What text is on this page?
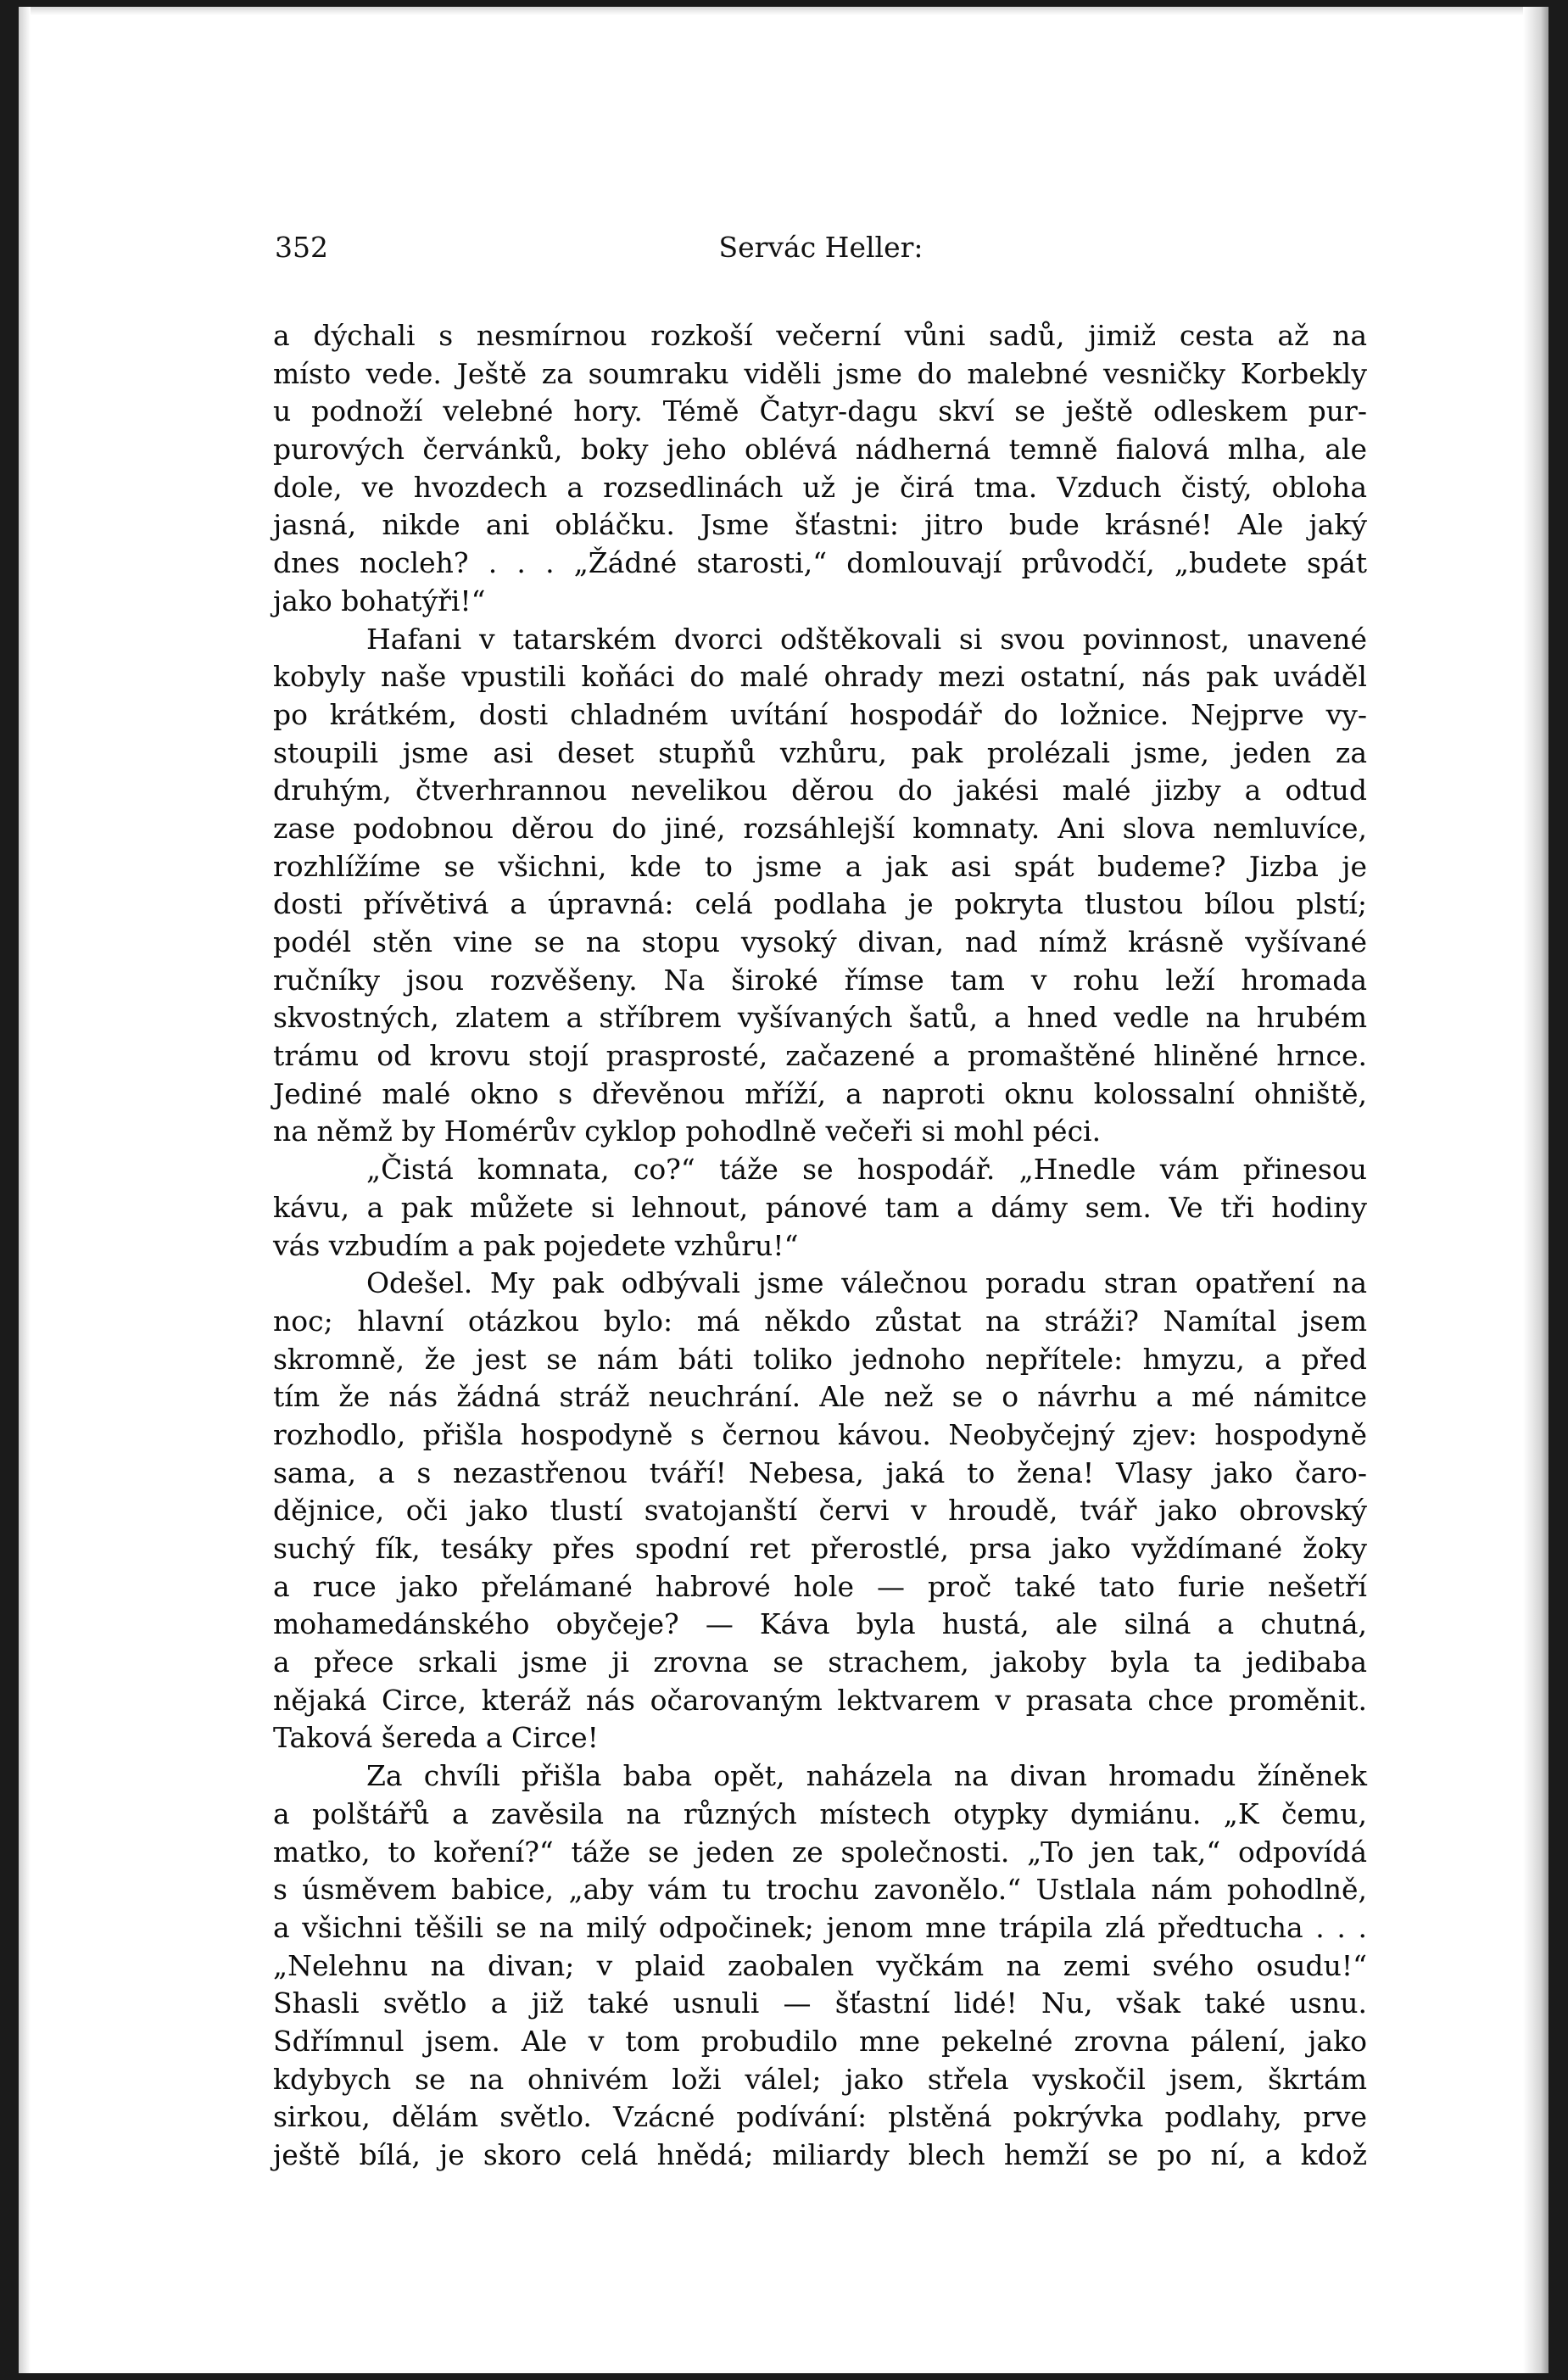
352	Servác Heller:
a dýchali s nesmírnou rozkoší večerní vůni sadů, jimiž cesta až na
místo vede. Ještě za soumraku viděli jsme do malebné vesničky Korbekly
u podnoží velebné hory. Témě Čatyr-dagu skví se ještě odleskem pur-
purových červánků, boky jeho oblévá nádherná temně fialová mlha, ale
dole, ve hvozdech a rozsedlinách už je čirá tma. Vzduch čistý, obloha
jasná, nikde ani obláčku. Jsme šťastni: jitro bude krásné! Ale jaký
dnes nocleh? . . . „Žádné starosti,“ domlouvají průvodčí, „budete spát
jako bohatýři!“
Hafani v tatarském dvorci odštěkovali si svou povinnost, unavené
kobyly naše vpustili koňáci do malé ohrady mezi ostatní, nás pak uváděl
po krátkém, dosti chladném uvítání hospodář do ložnice. Nejprve vy-
stoupili jsme asi deset stupňů vzhůru, pak prolézali jsme, jeden za
druhým, čtverhrannou nevelikou děrou do jakési malé jizby a odtud
zase podobnou děrou do jiné, rozsáhlejší komnaty. Ani slova nemluvíce,
rozhlížíme se všichni, kde to jsme a jak asi spát budeme? Jizba je
dosti přívětivá a úpravná: celá podlaha je pokryta tlustou bílou plstí;
podél stěn vine se na stopu vysoký divan, nad nímž krásně vyšívané
ručníky jsou rozvěšeny. Na široké římse tam v rohu leží hromada
skvostných, zlatem a stříbrem vyšívaných šatů, a hned vedle na hrubém
trámu od krovu stojí prasprosté, začazené a promaštěné hliněné hrnce.
Jediné malé okno s dřevěnou mříží, a naproti oknu kolossalní ohniště,
na němž by Homérův cyklop pohodlně večeři si mohl péci.
„Čistá komnata, co?“ táže se hospodář. „Hnedle vám přinesou
kávu, a pak můžete si lehnout, pánové tam a dámy sem. Ve tři hodiny
vás vzbudím a pak pojedete vzhůru!“
Odešel. My pak odbývali jsme válečnou poradu stran opatření na
noc; hlavní otázkou bylo: má někdo zůstat na stráži? Namítal jsem
skromně, že jest se nám báti toliko jednoho nepřítele: hmyzu, a před
tím že nás žádná stráž neuchrání. Ale než se o návrhu a mé námitce
rozhodlo, přišla hospodyně s černou kávou. Neobyčejný zjev: hospodyně
sama, a s nezastřenou tváří! Nebesa, jaká to žena! Vlasy jako čaro-
dějnice, oči jako tlustí svatojanští červi v hroudě, tvář jako obrovský
suchý fík, tesáky přes spodní ret přerostlé, prsa jako vyždímané žoky
a ruce jako přelámané habrové hole — proč také tato furie nešetří
mohamedánského obyčeje? — Káva byla hustá, ale silná a chutná,
a přece srkali jsme ji zrovna se strachem, jakoby byla ta jedibaba
nějaká Circe, kteráž nás očarovaným lektvarem v prasata chce proměnit.
Taková šereda a Circe!
Za chvíli přišla baba opět, naházela na divan hromadu žíněnek
a polštářů a zavěsila na různých místech otypky dymiánu. „K čemu,
matko, to koření?“ táže se jeden ze společnosti. „To jen tak,“ odpovídá
s úsměvem babice, „aby vám tu trochu zavonělo.“ Ustlala nám pohodlně,
a všichni těšili se na milý odpočinek; jenom mne trápila zlá předtucha . . .
„Nelehnu na divan; v plaid zaobalen vyčkám na zemi svého osudu!“
Shasli světlo a již také usnuli — šťastní lidé! Nu, však také usnu.
Sdřímnul jsem. Ale v tom probudilo mne pekelné zrovna pálení, jako
kdybych se na ohnivém loži válel; jako střela vyskočil jsem, škrtám
sirkou, dělám světlo. Vzácné podívání: plstěná pokrývka podlahy, prve
ještě bílá, je skoro celá hnědá; miliardy blech hemží se po ní, a kdož
